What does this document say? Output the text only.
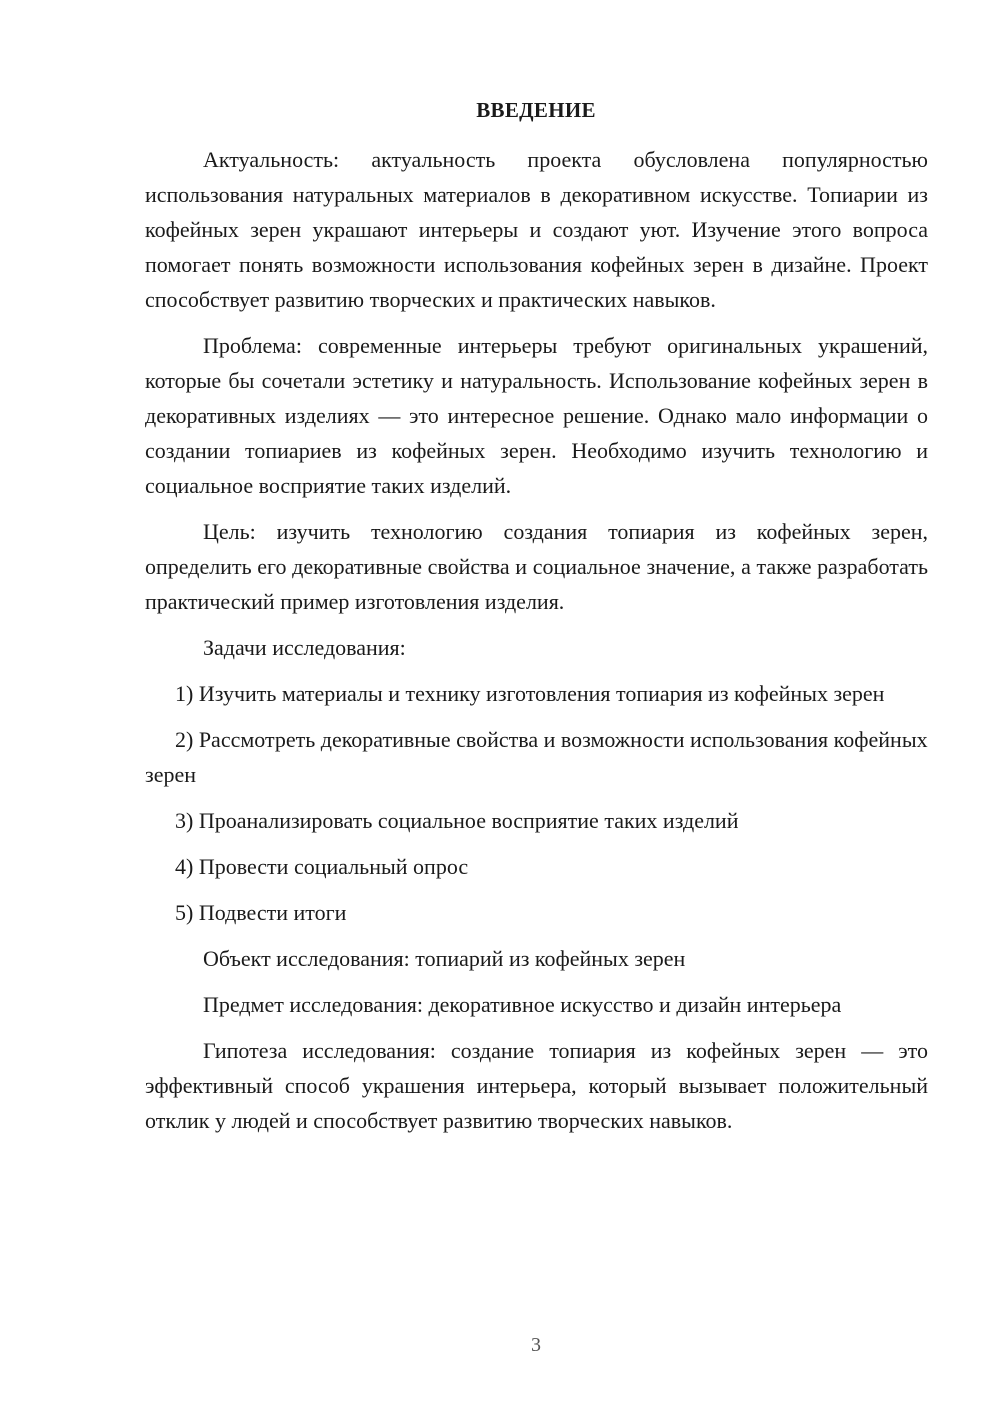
ВВЕДЕНИЕ

Актуальность: актуальность проекта обусловлена популярностью использования натуральных материалов в декоративном искусстве. Топиарии из кофейных зерен украшают интерьеры и создают уют. Изучение этого вопроса помогает понять возможности использования кофейных зерен в дизайне. Проект способствует развитию творческих и практических навыков.

Проблема: современные интерьеры требуют оригинальных украшений, которые бы сочетали эстетику и натуральность. Использование кофейных зерен в декоративных изделиях — это интересное решение. Однако мало информации о создании топиариев из кофейных зерен. Необходимо изучить технологию и социальное восприятие таких изделий.

Цель: изучить технологию создания топиария из кофейных зерен, определить его декоративные свойства и социальное значение, а также разработать практический пример изготовления изделия.

Задачи исследования:

1) Изучить материалы и технику изготовления топиария из кофейных зерен

2) Рассмотреть декоративные свойства и возможности использования кофейных зерен

3) Проанализировать социальное восприятие таких изделий

4) Провести социальный опрос

5) Подвести итоги

Объект исследования: топиарий из кофейных зерен

Предмет исследования: декоративное искусство и дизайн интерьера

Гипотеза исследования: создание топиария из кофейных зерен — это эффективный способ украшения интерьера, который вызывает положительный отклик у людей и способствует развитию творческих навыков.

3
